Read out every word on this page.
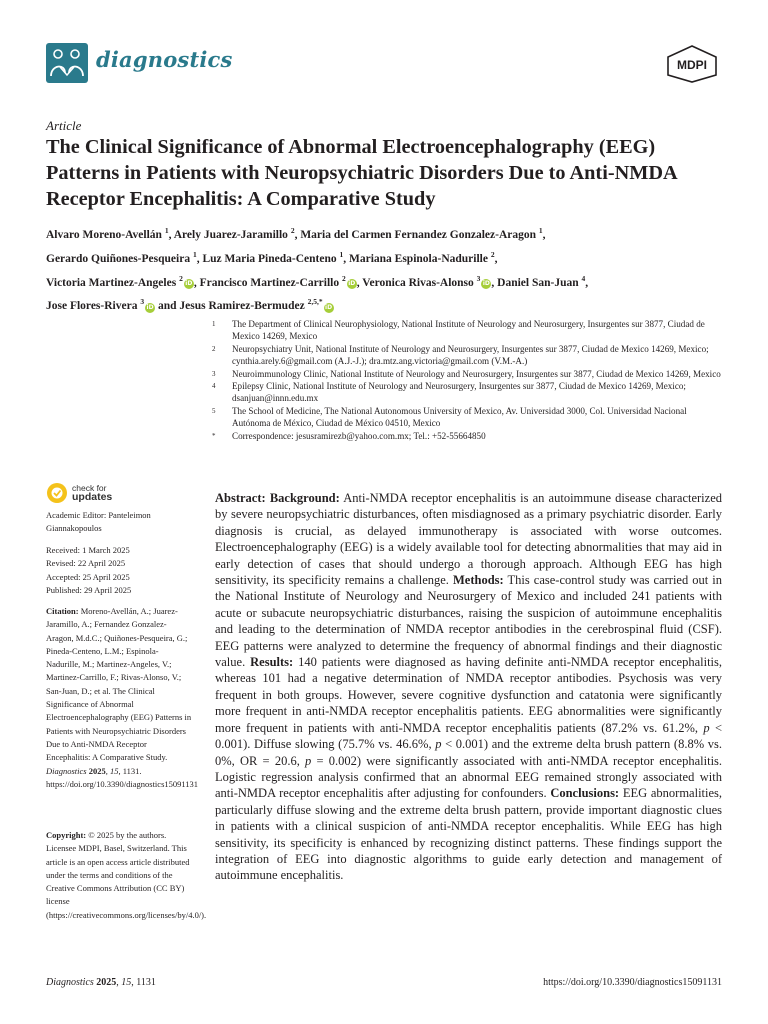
diagnostics	MDPI
Article
The Clinical Significance of Abnormal Electroencephalography (EEG) Patterns in Patients with Neuropsychiatric Disorders Due to Anti-NMDA Receptor Encephalitis: A Comparative Study
Alvaro Moreno-Avellán $^1$, Arely Juarez-Jaramillo $^2$, Maria del Carmen Fernandez Gonzalez-Aragon $^1$,
Gerardo Quiñones-Pesqueira $^1$, Luz Maria Pineda-Centeno $^1$, Mariana Espinola-Nadurille $^2$,
Victoria Martinez-Angeles $^2$iD, Francisco Martinez-Carrillo $^2$iD, Veronica Rivas-Alonso $^3$iD, Daniel San-Juan $^4$,
Jose Flores-Rivera $^3$iD and Jesus Ramirez-Bermudez $^{2,5,*}$iD
1	The Department of Clinical Neurophysiology, National Institute of Neurology and Neurosurgery, Insurgentes sur 3877, Ciudad de Mexico 14269, Mexico
2	Neuropsychiatry Unit, National Institute of Neurology and Neurosurgery, Insurgentes sur 3877, Ciudad de Mexico 14269, Mexico; cynthia.arely.6@gmail.com (A.J.-J.); dra.mtz.ang.victoria@gmail.com (V.M.-A.)
3	Neuroimmunology Clinic, National Institute of Neurology and Neurosurgery, Insurgentes sur 3877, Ciudad de Mexico 14269, Mexico
4	Epilepsy Clinic, National Institute of Neurology and Neurosurgery, Insurgentes sur 3877, Ciudad de Mexico 14269, Mexico; dsanjuan@innn.edu.mx
5	The School of Medicine, The National Autonomous University of Mexico, Av. Universidad 3000, Col. Universidad Nacional Autónoma de México, Ciudad de México 04510, Mexico
*	Correspondence: jesusramirezb@yahoo.com.mx; Tel.: +52-55664850
check for
updates
Academic Editor: Panteleimon Giannakopoulos
Received: 1 March 2025
Revised: 22 April 2025
Accepted: 25 April 2025
Published: 29 April 2025
Citation: Moreno-Avellán, A.; Juarez-Jaramillo, A.; Fernandez Gonzalez-Aragon, M.d.C.; Quiñones-Pesqueira, G.; Pineda-Centeno, L.M.; Espinola-Nadurille, M.; Martinez-Angeles, V.; Martinez-Carrillo, F.; Rivas-Alonso, V.; San-Juan, D.; et al. The Clinical Significance of Abnormal Electroencephalography (EEG) Patterns in Patients with Neuropsychiatric Disorders Due to Anti-NMDA Receptor Encephalitis: A Comparative Study. Diagnostics 2025, 15, 1131. https://doi.org/10.3390/diagnostics15091131
Copyright: © 2025 by the authors. Licensee MDPI, Basel, Switzerland. This article is an open access article distributed under the terms and conditions of the Creative Commons Attribution (CC BY) license (https://creativecommons.org/licenses/by/4.0/).
Abstract: Background: Anti-NMDA receptor encephalitis is an autoimmune disease characterized by severe neuropsychiatric disturbances, often misdiagnosed as a primary psychiatric disorder. Early diagnosis is crucial, as delayed immunotherapy is associated with worse outcomes. Electroencephalography (EEG) is a widely available tool for detecting abnormalities that may aid in early detection of cases that should undergo a thorough approach. Although EEG has high sensitivity, its specificity remains a challenge. Methods: This case-control study was carried out in the National Institute of Neurology and Neurosurgery of Mexico and included 241 patients with acute or subacute neuropsychiatric disturbances, raising the suspicion of autoimmune encephalitis and leading to the determination of NMDA receptor antibodies in the cerebrospinal fluid (CSF). EEG patterns were analyzed to determine the frequency of abnormal findings and their diagnostic value. Results: 140 patients were diagnosed as having definite anti-NMDA receptor encephalitis, whereas 101 had a negative determination of NMDA receptor antibodies. Psychosis was very frequent in both groups. However, severe cognitive dysfunction and catatonia were significantly more frequent in anti-NMDA receptor encephalitis patients. EEG abnormalities were significantly more frequent in patients with anti-NMDA receptor encephalitis patients (87.2% vs. 61.2%, p < 0.001). Diffuse slowing (75.7% vs. 46.6%, p < 0.001) and the extreme delta brush pattern (8.8% vs. 0%, OR = 20.6, p = 0.002) were significantly associated with anti-NMDA receptor encephalitis. Logistic regression analysis confirmed that an abnormal EEG remained strongly associated with anti-NMDA receptor encephalitis after adjusting for confounders. Conclusions: EEG abnormalities, particularly diffuse slowing and the extreme delta brush pattern, provide important diagnostic clues in patients with a clinical suspicion of anti-NMDA receptor encephalitis. While EEG has high sensitivity, its specificity is enhanced by recognizing distinct patterns. These findings support the integration of EEG into diagnostic algorithms to guide early detection and management of autoimmune encephalitis.
Diagnostics 2025, 15, 1131	https://doi.org/10.3390/diagnostics15091131
